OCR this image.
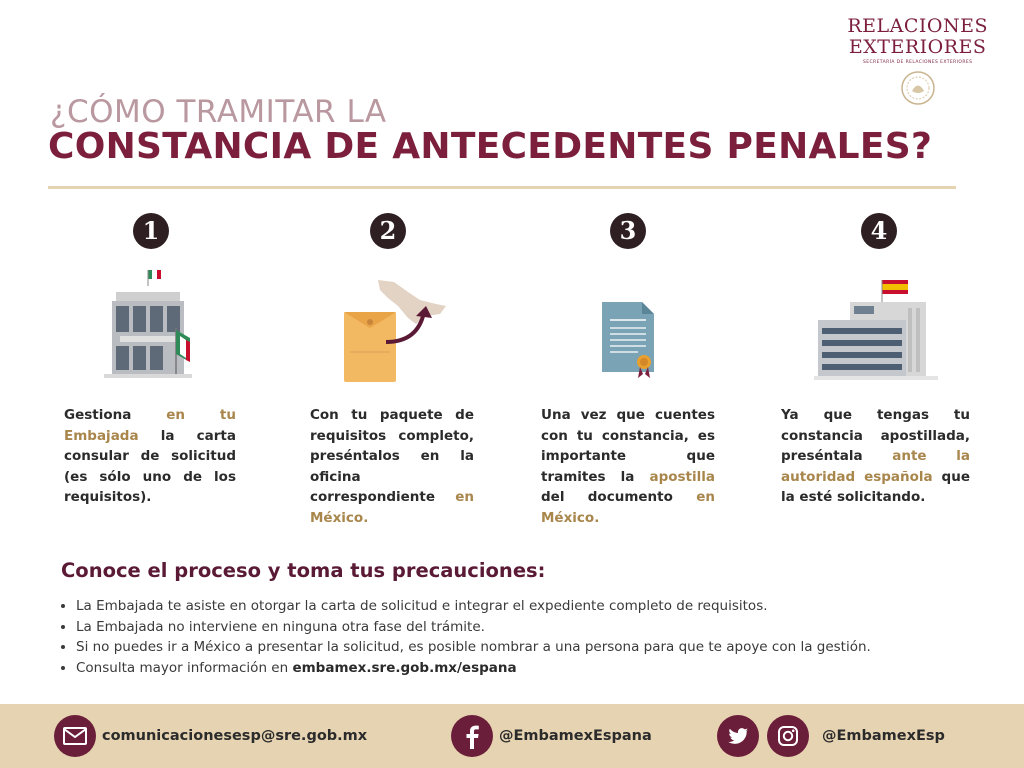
RELACIONES
EXTERIORES
SECRETARÍA DE RELACIONES EXTERIORES
¿CÓMO TRAMITAR LA
CONSTANCIA DE ANTECEDENTES PENALES?
1	2	3	4
Gestiona en tu Embajada la carta consular de solicitud (es sólo uno de los requisitos).
Con tu paquete de requisitos completo, preséntalos en la oficina correspondiente en México.
Una vez que cuentes con tu constancia, es importante que tramites la apostilla del documento en México.
Ya que tengas tu constancia apostillada, preséntala ante la autoridad española que la esté solicitando.
Conoce el proceso y toma tus precauciones:
• La Embajada te asiste en otorgar la carta de solicitud e integrar el expediente completo de requisitos.
• La Embajada no interviene en ninguna otra fase del trámite.
• Si no puedes ir a México a presentar la solicitud, es posible nombrar a una persona para que te apoye con la gestión.
• Consulta mayor información en embamex.sre.gob.mx/espana
comunicacionesesp@sre.gob.mx	@EmbamexEspana	@EmbamexEsp
